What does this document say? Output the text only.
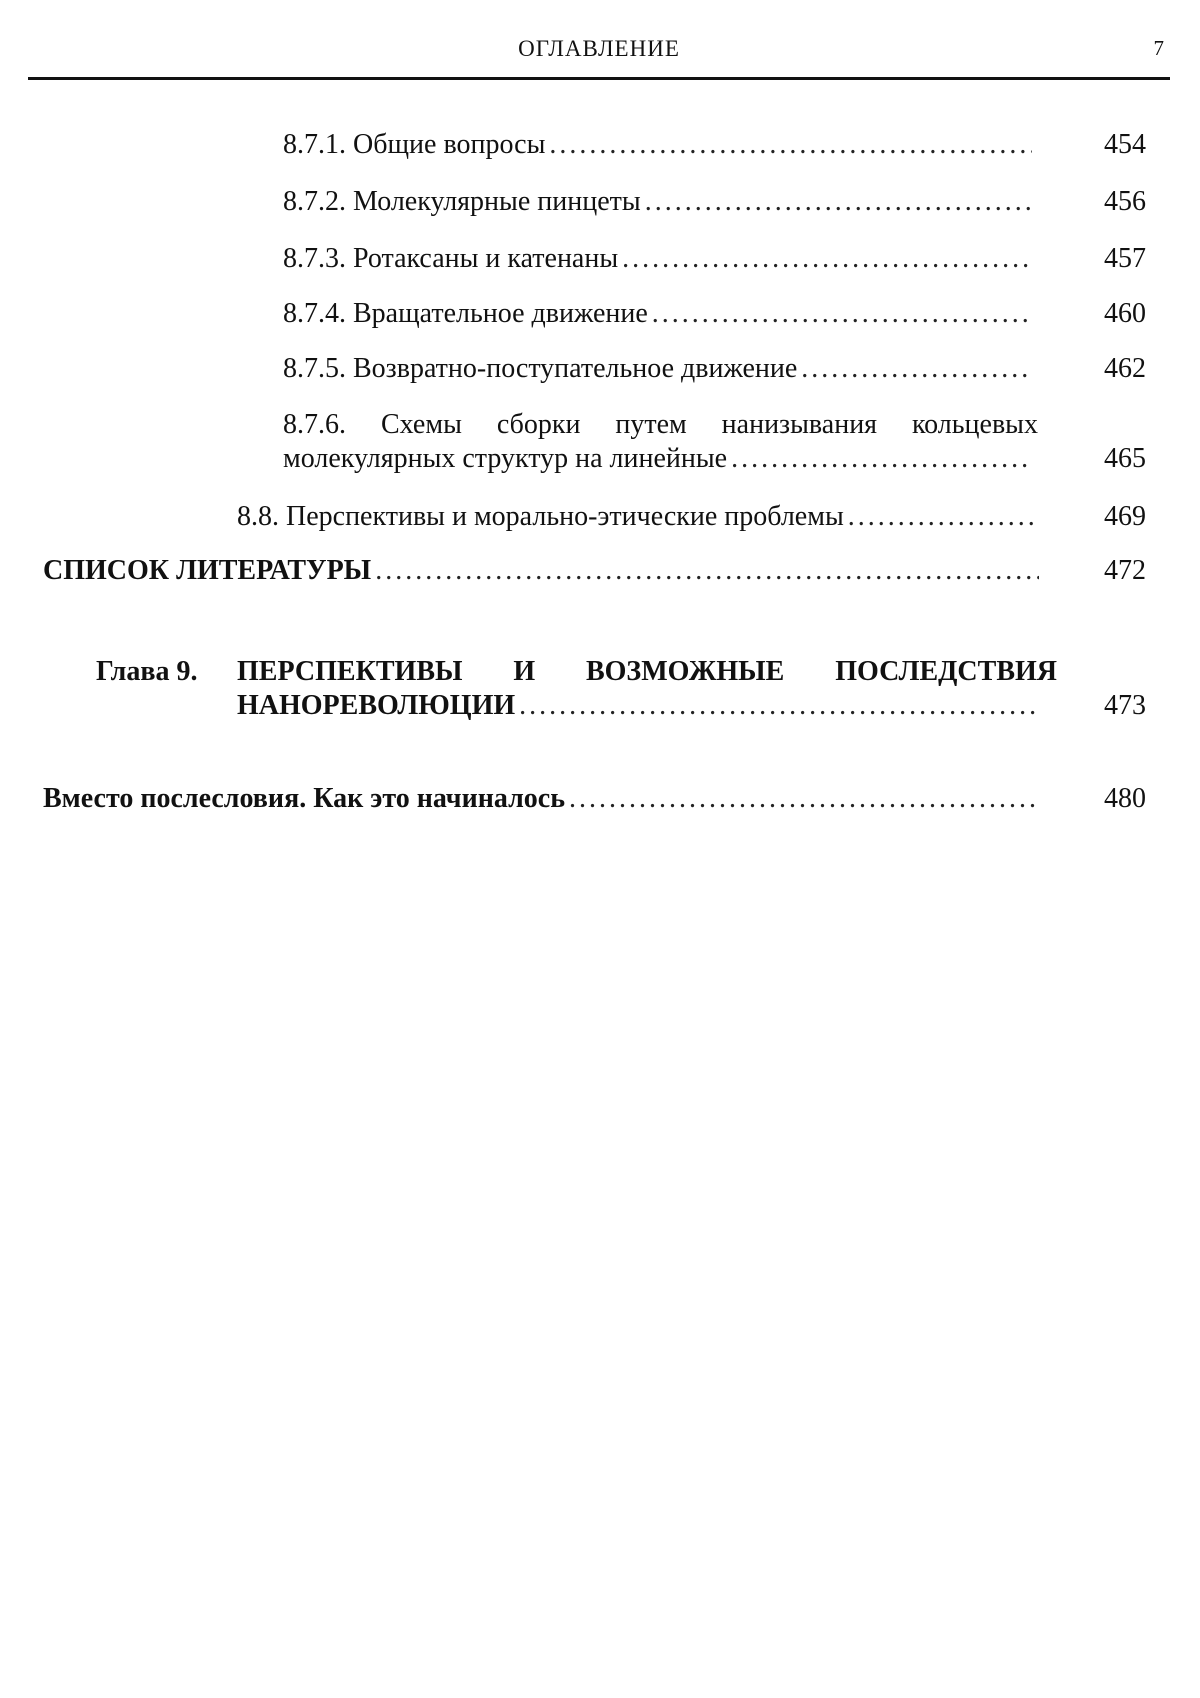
ОГЛАВЛЕНИЕ	7
8.7.1. Общие вопросы .....	454
8.7.2. Молекулярные пинцеты .....	456
8.7.3. Ротаксаны и катенаны .....	457
8.7.4. Вращательное движение .....	460
8.7.5. Возвратно-поступательное движение .....	462
8.7.6. Схемы сборки путем нанизывания кольцевых
молекулярных структур на линейные .....	465
8.8. Перспективы и морально-этические проблемы .....	469
СПИСОК ЛИТЕРАТУРЫ .....	472
Глава 9.	ПЕРСПЕКТИВЫ И ВОЗМОЖНЫЕ ПОСЛЕДСТВИЯ
НАНОРЕВОЛЮЦИИ .....	473
Вместо послесловия. Как это начиналось .....	480
